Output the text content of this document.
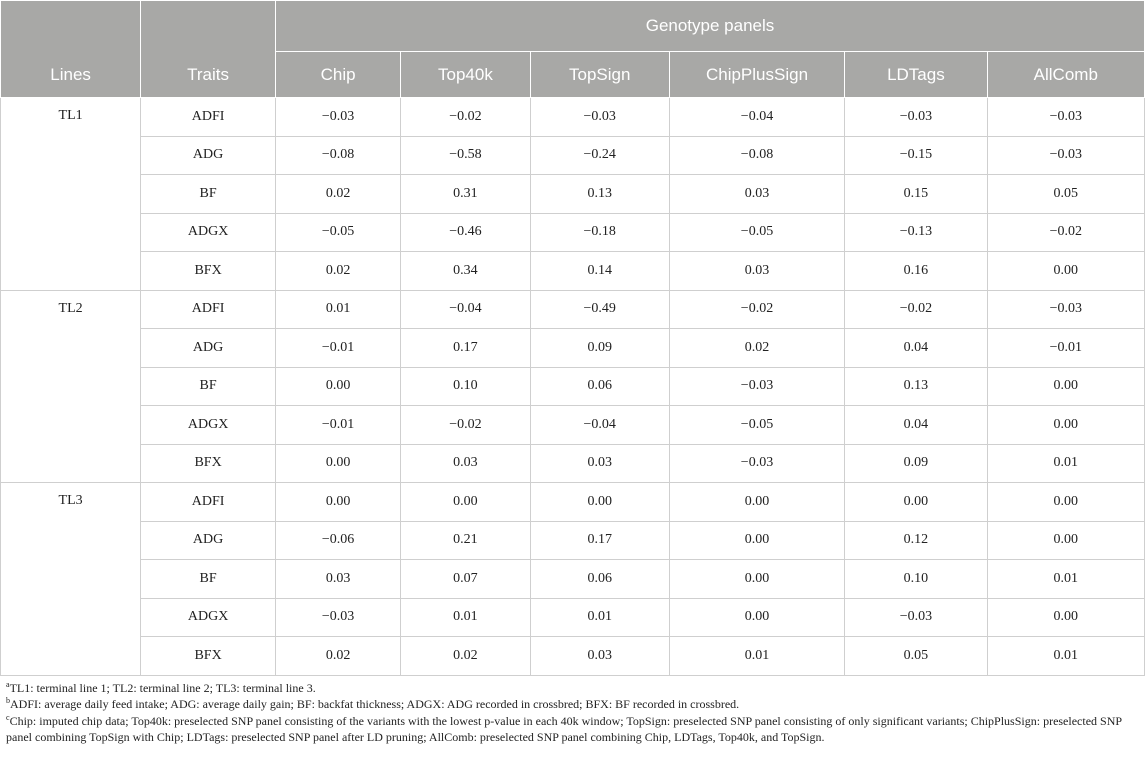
Lines	Traits	Genotype panels					
		Chip	Top40k	TopSign	ChipPlusSign	LDTags	AllComb
TL1	ADFI	−0.03	−0.02	−0.03	−0.04	−0.03	−0.03
	ADG	−0.08	−0.58	−0.24	−0.08	−0.15	−0.03
	BF	0.02	0.31	0.13	0.03	0.15	0.05
	ADGX	−0.05	−0.46	−0.18	−0.05	−0.13	−0.02
	BFX	0.02	0.34	0.14	0.03	0.16	0.00
TL2	ADFI	0.01	−0.04	−0.49	−0.02	−0.02	−0.03
	ADG	−0.01	0.17	0.09	0.02	0.04	−0.01
	BF	0.00	0.10	0.06	−0.03	0.13	0.00
	ADGX	−0.01	−0.02	−0.04	−0.05	0.04	0.00
	BFX	0.00	0.03	0.03	−0.03	0.09	0.01
TL3	ADFI	0.00	0.00	0.00	0.00	0.00	0.00
	ADG	−0.06	0.21	0.17	0.00	0.12	0.00
	BF	0.03	0.07	0.06	0.00	0.10	0.01
	ADGX	−0.03	0.01	0.01	0.00	−0.03	0.00
	BFX	0.02	0.02	0.03	0.01	0.05	0.01

$^a$TL1: terminal line 1; TL2: terminal line 2; TL3: terminal line 3.

$^b$ADFI: average daily feed intake; ADG: average daily gain; BF: backfat thickness; ADGX: ADG recorded in crossbred; BFX: BF recorded in crossbred.

$^c$Chip: imputed chip data; Top40k: preselected SNP panel consisting of the variants with the lowest p-value in each 40k window; TopSign: preselected SNP panel consisting of only significant variants; ChipPlusSign: preselected SNP panel combining TopSign with Chip; LDTags: preselected SNP panel after LD pruning; AllComb: preselected SNP panel combining Chip, LDTags, Top40k, and TopSign.
